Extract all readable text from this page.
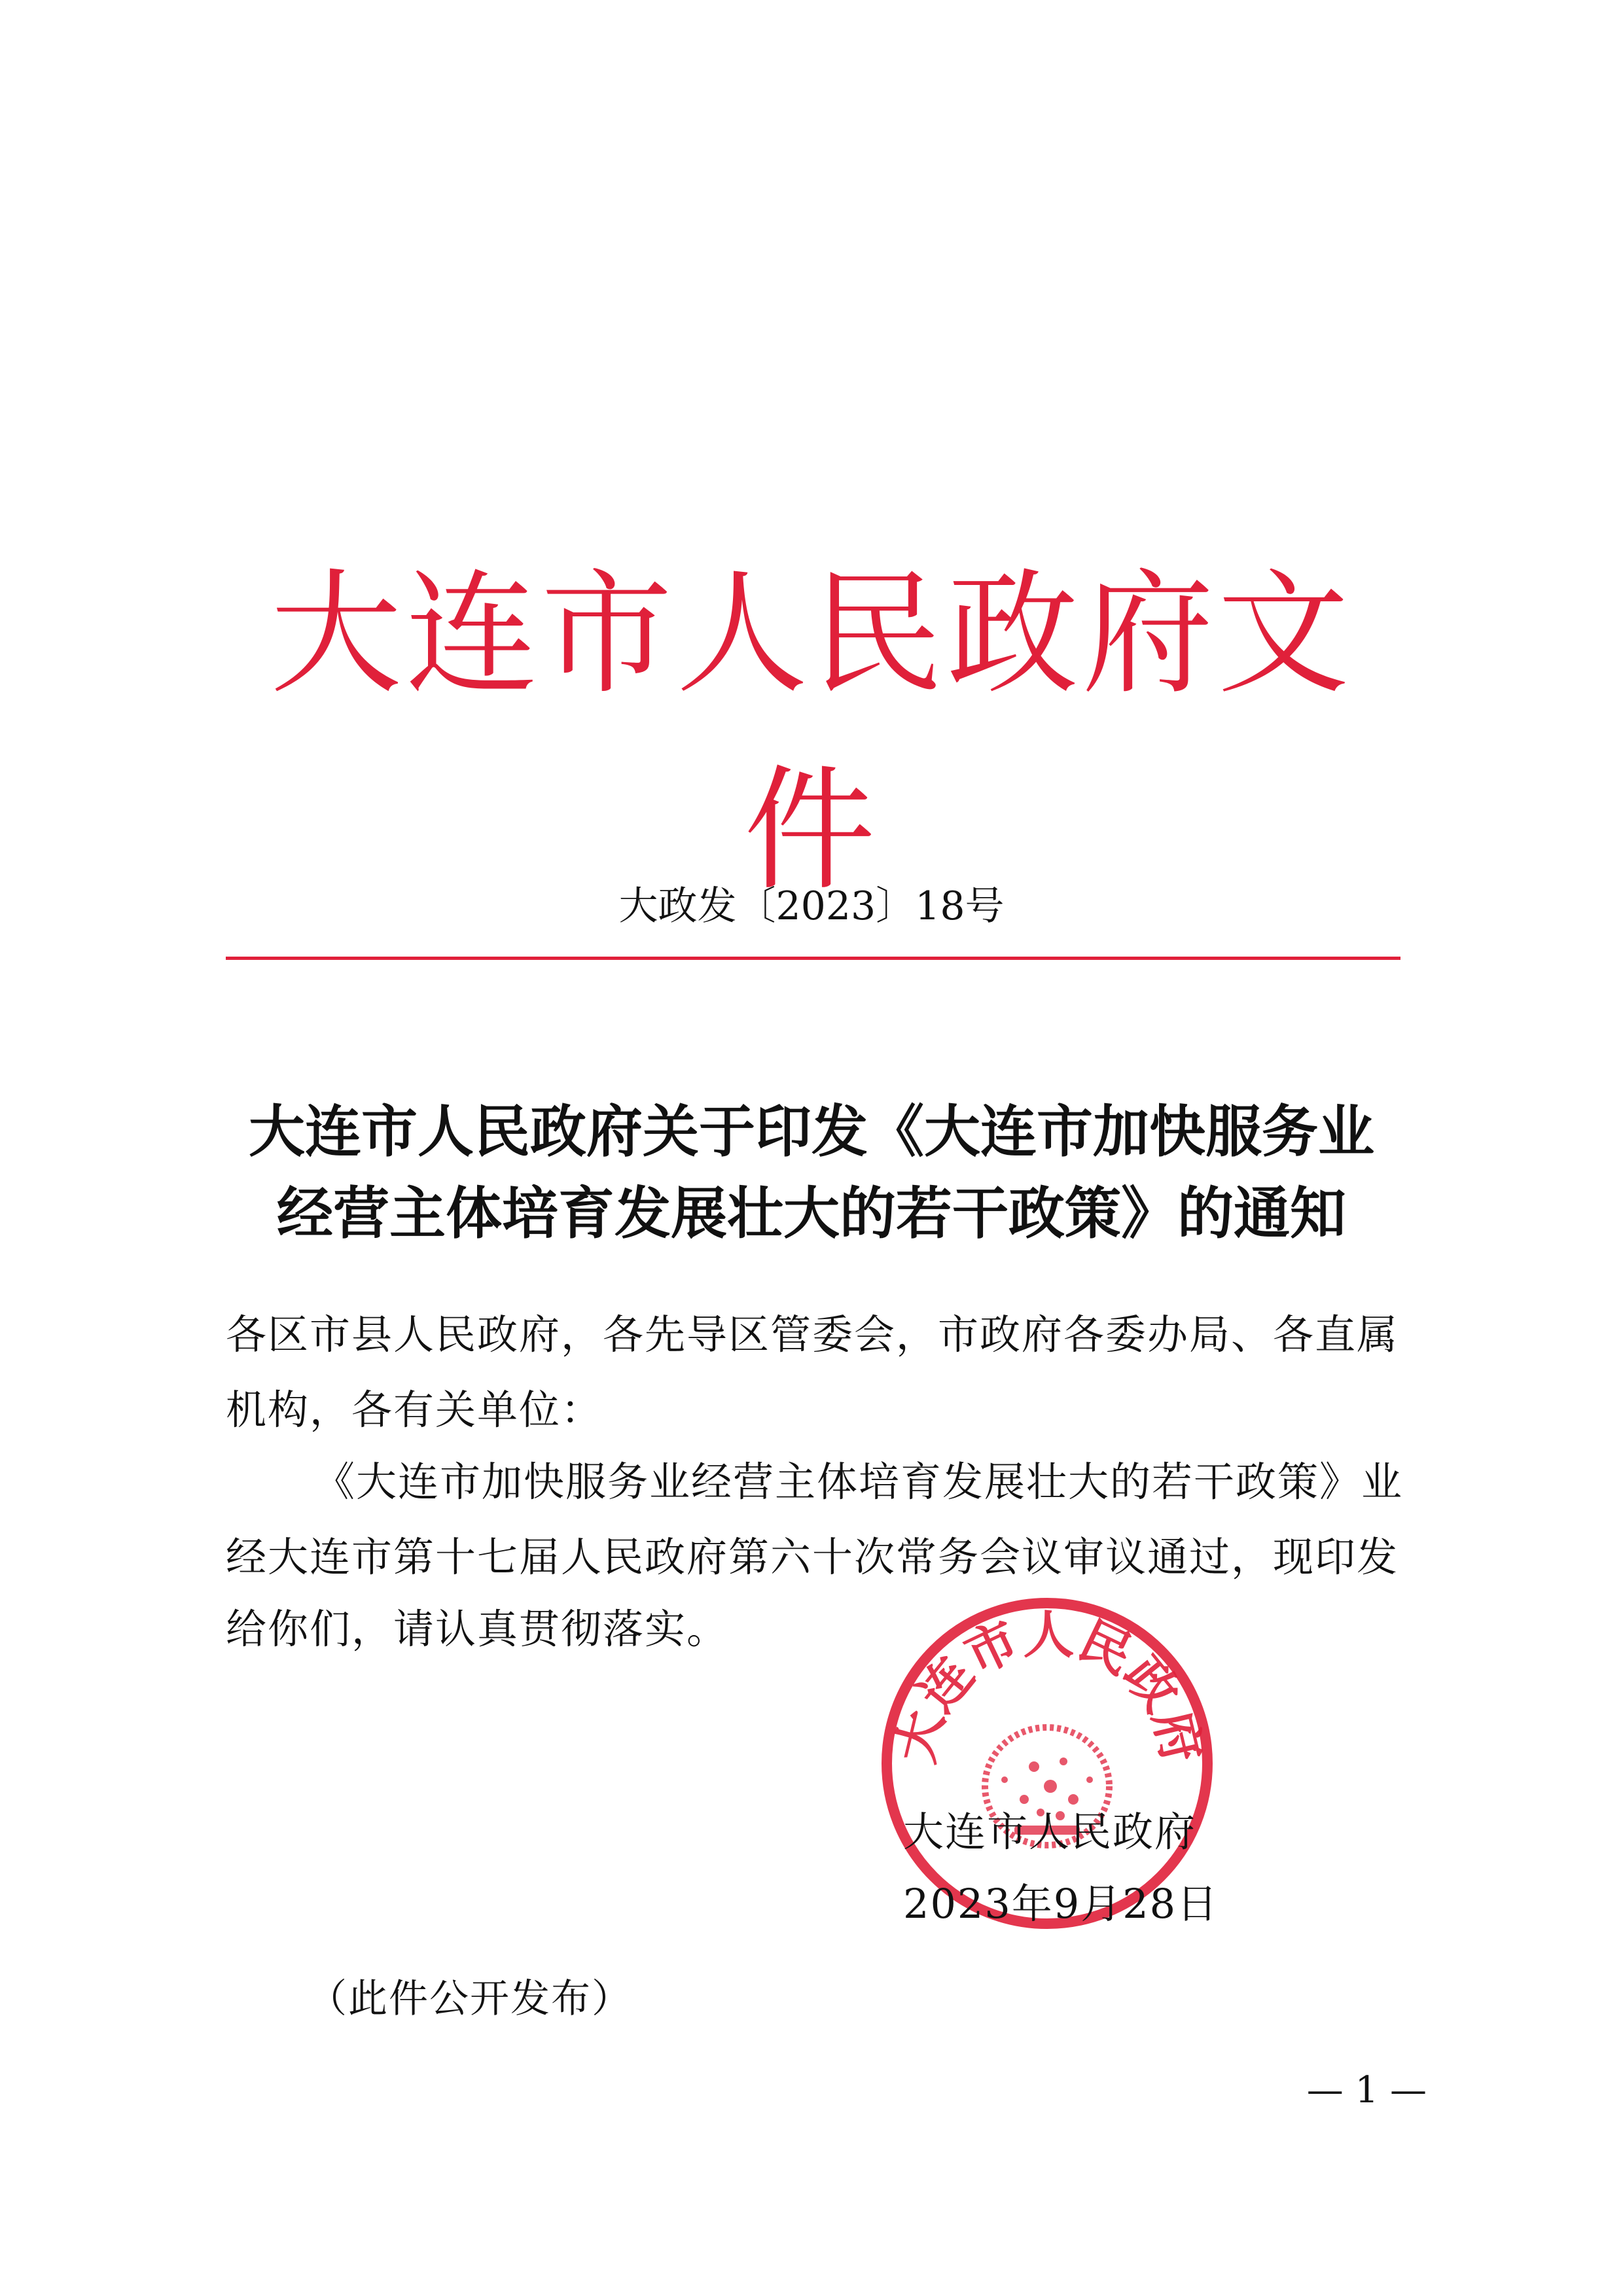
大连市人民政府文件
大政发〔2023〕18号
大连市人民政府关于印发《大连市加快服务业
经营主体培育发展壮大的若干政策》的通知
各区市县人民政府，各先导区管委会，市政府各委办局、各直属
机构，各有关单位：
《大连市加快服务业经营主体培育发展壮大的若干政策》业
经大连市第十七届人民政府第六十次常务会议审议通过，现印发
给你们，请认真贯彻落实。
大连市人民政府
大连市人民政府
2023年9月28日
（此件公开发布）
— 1 —
